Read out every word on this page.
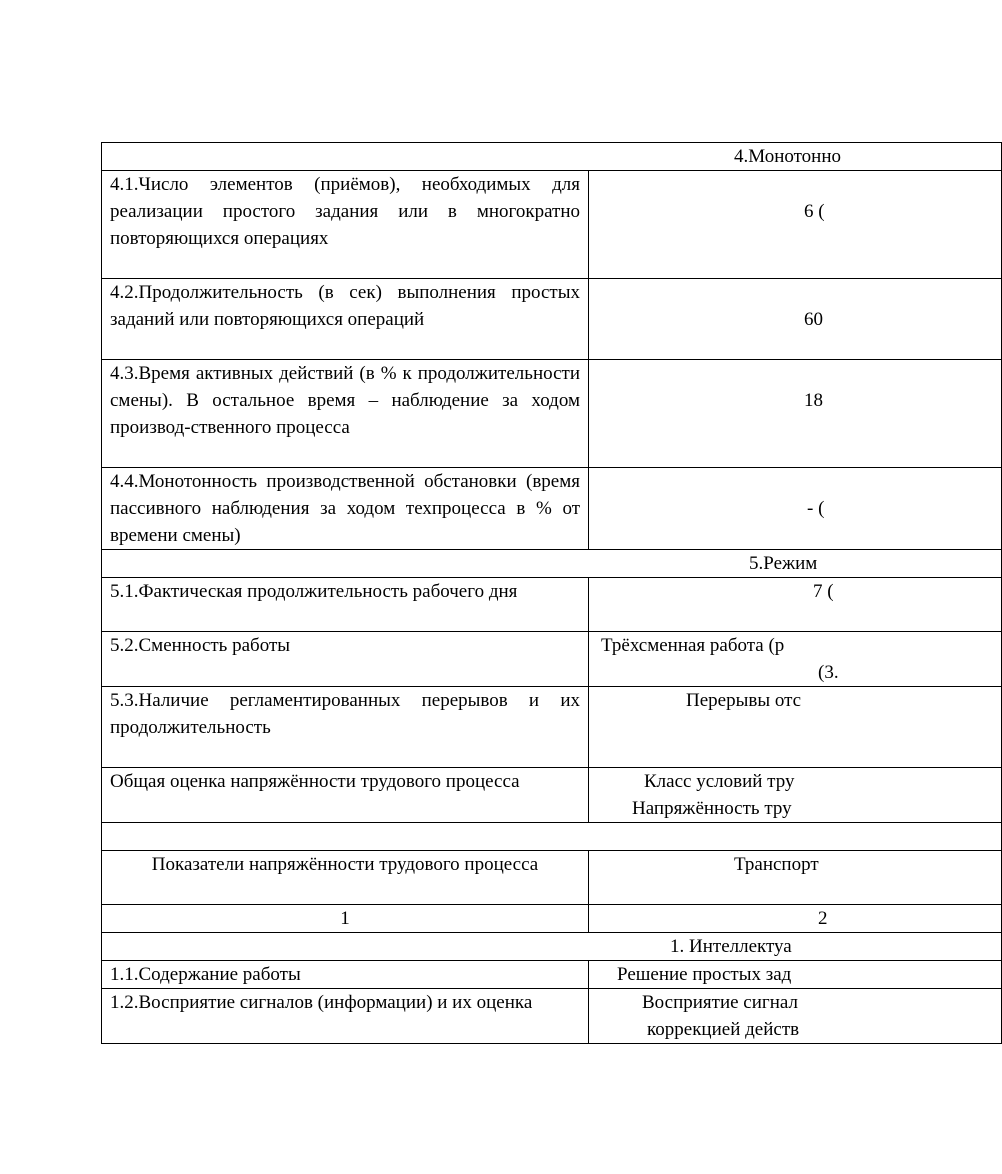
4.Монотонно	
4.1.Число элементов (приёмов), необходимых для реализации простого задания или в многократно повторяющихся операциях	6 (
4.2.Продолжительность (в сек) выполнения простых заданий или повторяющихся операций	60
4.3.Время активных действий (в % к продолжительности смены). В остальное время – наблюдение за ходом производ-ственного процесса	18
4.4.Монотонность производственной обстановки (время пассивного наблюдения за ходом техпроцесса в % от времени смены)	- (
5.Режим	
5.1.Фактическая продолжительность рабочего дня	7 (
5.2.Сменность работы	Трёхсменная работа (р
(3.

5.3.Наличие регламентированных перерывов и их продолжительность	Перерывы отс
Общая оценка напряжённости трудового процесса	Класс условий тру
Напряжённость тру

Показатели напряжённости трудового процесса	Транспорт
1	2
1. Интеллектуа	
1.1.Содержание работы	Решение простых зад
1.2.Восприятие сигналов (информации) и их оценка	Восприятие сигнал
коррекцией действ
